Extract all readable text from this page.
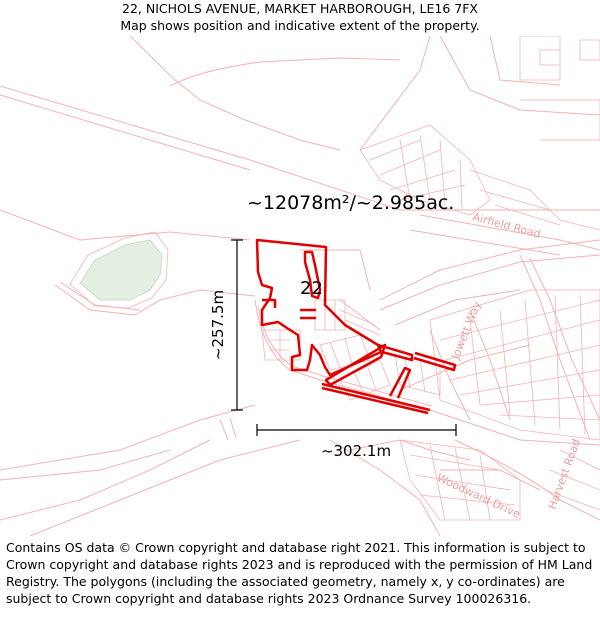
22, NICHOLS AVENUE, MARKET HARBOROUGH, LE16 7FX
Map shows position and indicative extent of the property.
Airfield Road
Harvest Road
Woodward Drive
Jowett Way
~12078m²/~2.985ac.
22
~257.5m
~302.1m
Contains OS data © Crown copyright and database right 2021. This information is subject to Crown copyright and database rights 2023 and is reproduced with the permission of HM Land Registry. The polygons (including the associated geometry, namely x, y co-ordinates) are subject to Crown copyright and database rights 2023 Ordnance Survey 100026316.
